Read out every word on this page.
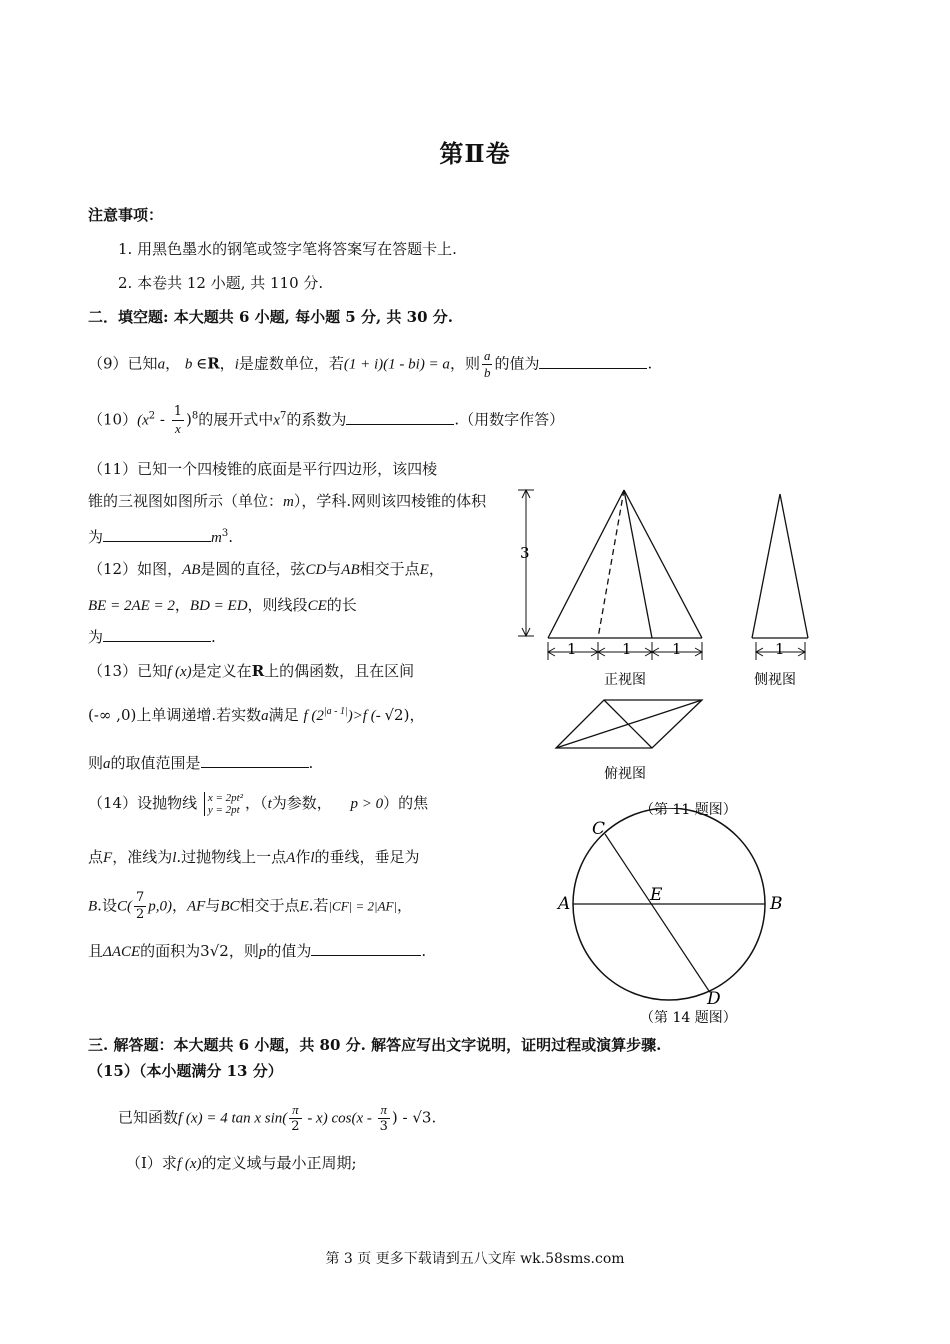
第Ⅱ卷
注意事项：
1. 用黑色墨水的钢笔或签字笔将答案写在答题卡上.
2. 本卷共 12 小题, 共 110 分.
二．填空题: 本大题共 6 小题, 每小题 5 分, 共 30 分.
（9）已知a， b ∈R，i是虚数单位，若(1 + i)(1 - bi) = a，则 $\frac{a}{b}$ 的值为	.
$(10)(x^2 - \frac{1}{x} )^8$的展开式中$x^7$的系数为	.（用数字作答）
（11）已知一个四棱锥的底面是平行四边形，该四棱
锥的三视图如图所示（单位：m），学科.网则该四棱锥的体积
为	$m^3$.
（12）如图，AB是圆的直径，弦CD与AB相交于点E，
BE = 2AE = 2，BD = ED，则线段CE的长
为	.
（13）已知f (x)是定义在R上的偶函数，且在区间
(-∞ ,0)上单调递增.若实数a满足 f $(2^{|a - 1|})>f$ (- √2)，
则a的取值范围是	.
（14）设抛物线 x = 2pt²
y = 2pt ，（t为参数， p > 0）的焦
点F，准线为l.过抛物线上一点A作l的垂线，垂足为
B.设$C( \frac{7}{2} p,0)$，AF与BC相交于点E.若|CF| = 2|AF|，
且ΔACE的面积为3√2，则p的值为	.
3
1	1	1
正视图
1
侧视图
俯视图
（第 11 题图）
C
E
A	B
D
（第 14 题图）
三. 解答题：本大题共 6 小题，共 80 分. 解答应写出文字说明，证明过程或演算步骤.
（15）（本小题满分 13 分）
已知函数f (x) = 4 tan x $\sin( \frac{\pi}{2} - x)$ $\cos(x - \frac{\pi}{3}$ ) - √3.
（Ⅰ）求f (x)的定义域与最小正周期;
第 3 页 更多下载请到五八文库 wk.58sms.com
